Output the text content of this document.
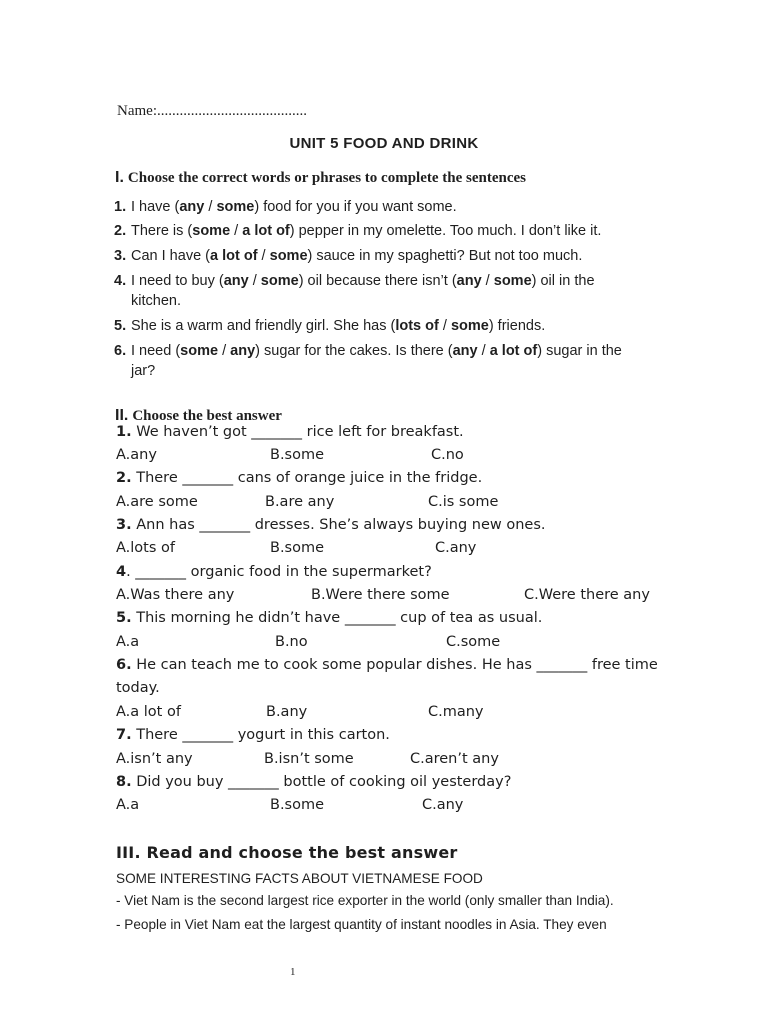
Name:........................................
UNIT 5 FOOD AND DRINK
I. Choose the correct words or phrases to complete the sentences
1. I have (any / some) food for you if you want some.
2. There is (some / a lot of) pepper in my omelette. Too much. I don’t like it.
3. Can I have (a lot of / some) sauce in my spaghetti? But not too much.
4. I need to buy (any / some) oil because there isn’t (any / some) oil in the
kitchen.
5. She is a warm and friendly girl. She has (lots of / some) friends.
6. I need (some / any) sugar for the cakes. Is there (any / a lot of) sugar in the
jar?
II. Choose the best answer
1. We haven’t got _______ rice left for breakfast.
A.any	B.some	C.no
2. There _______ cans of orange juice in the fridge.
A.are some	B.are any	C.is some
3. Ann has _______ dresses. She’s always buying new ones.
A.lots of	B.some	C.any
4. _______ organic food in the supermarket?
A.Was there any	B.Were there some	C.Were there any
5. This morning he didn’t have _______ cup of tea as usual.
A.a	B.no	C.some
6. He can teach me to cook some popular dishes. He has _______ free time
today.
A.a lot of	B.any	C.many
7. There _______ yogurt in this carton.
A.isn’t any	B.isn’t some	C.aren’t any
8. Did you buy _______ bottle of cooking oil yesterday?
A.a	B.some	C.any
III. Read and choose the best answer
SOME INTERESTING FACTS ABOUT VIETNAMESE FOOD
- Viet Nam is the second largest rice exporter in the world (only smaller than India).
- People in Viet Nam eat the largest quantity of instant noodles in Asia. They even
1
